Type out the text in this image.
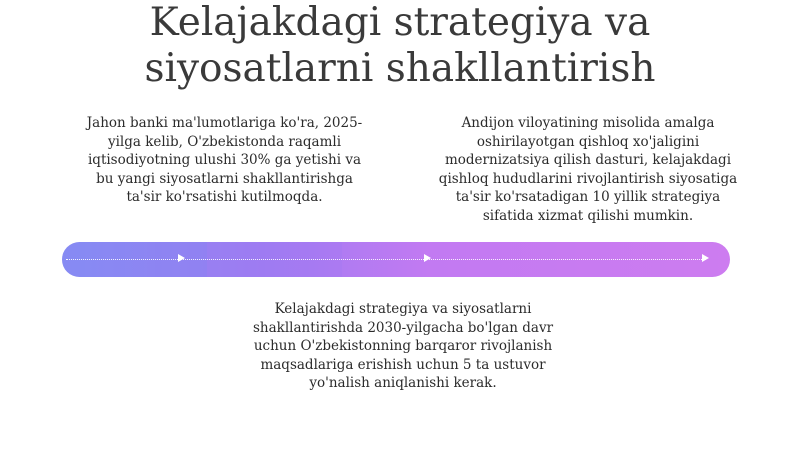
Kelajakdagi strategiya va
siyosatlarni shakllantirish
Jahon banki ma'lumotlariga ko'ra, 2025-
yilga kelib, O'zbekistonda raqamli
iqtisodiyotning ulushi 30% ga yetishi va
bu yangi siyosatlarni shakllantirishga
ta'sir ko'rsatishi kutilmoqda.
Andijon viloyatining misolida amalga
oshirilayotgan qishloq xo'jaligini
modernizatsiya qilish dasturi, kelajakdagi
qishloq hududlarini rivojlantirish siyosatiga
ta'sir ko'rsatadigan 10 yillik strategiya
sifatida xizmat qilishi mumkin.
Kelajakdagi strategiya va siyosatlarni
shakllantirishda 2030-yilgacha bo'lgan davr
uchun O'zbekistonning barqaror rivojlanish
maqsadlariga erishish uchun 5 ta ustuvor
yo'nalish aniqlanishi kerak.
